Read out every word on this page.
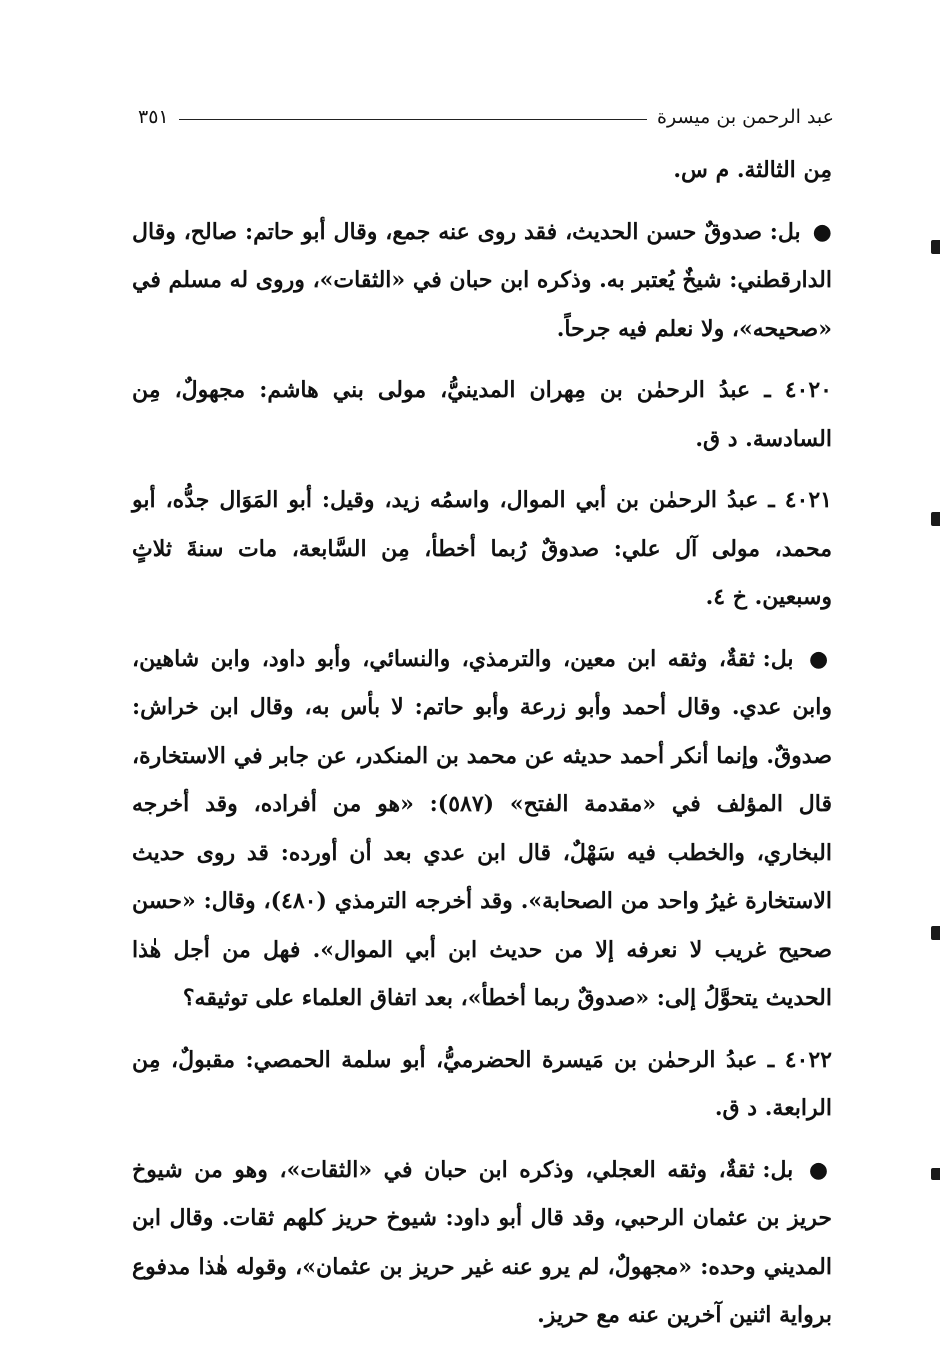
عبد الرحمن بن ميسرة
٣٥١

مِن الثالثة. م س.

● بل: صدوقٌ حسن الحديث، فقد روى عنه جمع، وقال أبو حاتم: صالح، وقال الدارقطني: شيخٌ يُعتبر به. وذكره ابن حبان في «الثقات»، وروى له مسلم في «صحيحه»، ولا نعلم فيه جرحاً.

٤٠٢٠ ـ عبدُ الرحمٰن بن مِهران المدينيُّ، مولى بني هاشم: مجهولٌ، مِن السادسة. د ق.

٤٠٢١ ـ عبدُ الرحمٰن بن أبي الموال، واسمُه زيد، وقيل: أبو المَوَال جدُّه، أبو محمد، مولى آل علي: صدوقٌ رُبما أخطأ، مِن السَّابعة، مات سنةَ ثلاثٍ وسبعين. خ ٤.

● بل: ثقةٌ، وثقه ابن معين، والترمذي، والنسائي، وأبو داود، وابن شاهين، وابن عدي. وقال أحمد وأبو زرعة وأبو حاتم: لا بأس به، وقال ابن خراش: صدوقٌ. وإنما أنكر أحمد حديثه عن محمد بن المنكدر، عن جابر في الاستخارة، قال المؤلف في «مقدمة الفتح» (٥٨٧): «هو من أفراده، وقد أخرجه البخاري، والخطب فيه سَهْلٌ، قال ابن عدي بعد أن أورده: قد روى حديث الاستخارة غيرُ واحد من الصحابة». وقد أخرجه الترمذي (٤٨٠)، وقال: «حسن صحيح غريب لا نعرفه إلا من حديث ابن أبي الموال». فهل من أجل هٰذا الحديث يتحوَّلُ إلى: «صدوقٌ ربما أخطأ»، بعد اتفاق العلماء على توثيقه؟

٤٠٢٢ ـ عبدُ الرحمٰن بن مَيسرة الحضرميُّ، أبو سلمة الحمصي: مقبولٌ، مِن الرابعة. د ق.

● بل: ثقةٌ، وثقه العجلي، وذكره ابن حبان في «الثقات»، وهو من شيوخ حريز بن عثمان الرحبي، وقد قال أبو داود: شيوخ حريز كلهم ثقات. وقال ابن المديني وحده: «مجهولٌ، لم يرو عنه غير حريز بن عثمان»، وقوله هٰذا مدفوع برواية اثنين آخرين عنه مع حريز.
